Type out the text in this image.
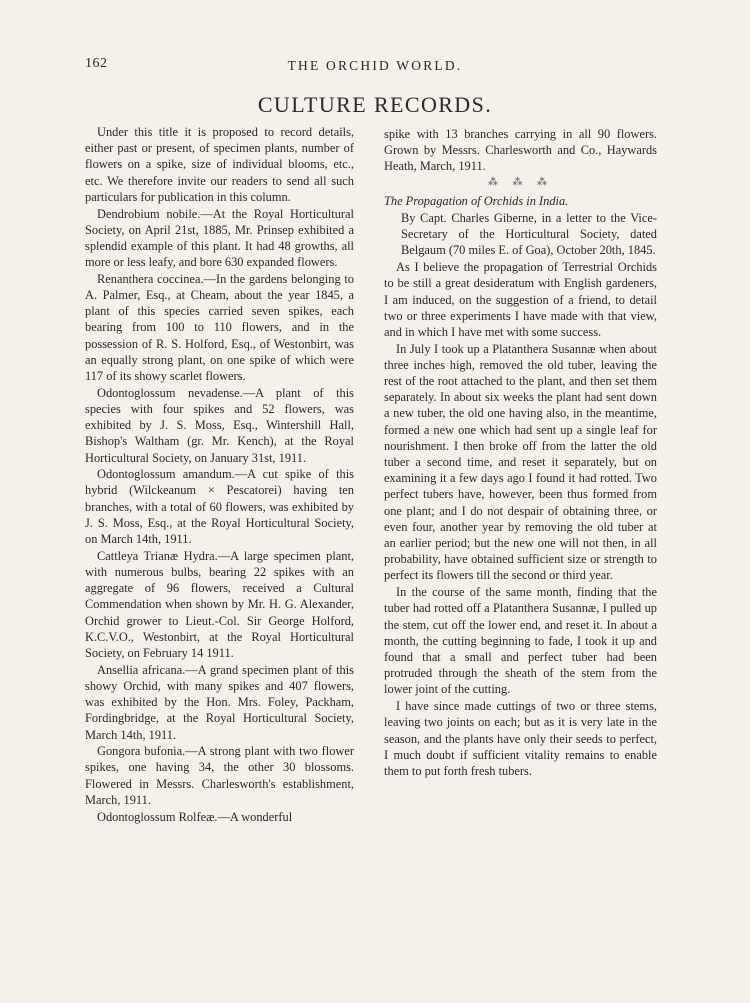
162	THE ORCHID WORLD.
CULTURE RECORDS.

Under this title it is proposed to record details, either past or present, of specimen plants, number of flowers on a spike, size of individual blooms, etc., etc. We therefore invite our readers to send all such particulars for publication in this column.

Dendrobium nobile.—At the Royal Horticultural Society, on April 21st, 1885, Mr. Prinsep exhibited a splendid example of this plant. It had 48 growths, all more or less leafy, and bore 630 expanded flowers.

Renanthera coccinea.—In the gardens belonging to A. Palmer, Esq., at Cheam, about the year 1845, a plant of this species carried seven spikes, each bearing from 100 to 110 flowers, and in the possession of R. S. Holford, Esq., of Westonbirt, was an equally strong plant, on one spike of which were 117 of its showy scarlet flowers.

Odontoglossum nevadense.—A plant of this species with four spikes and 52 flowers, was exhibited by J. S. Moss, Esq., Wintershill Hall, Bishop's Waltham (gr. Mr. Kench), at the Royal Horticultural Society, on January 31st, 1911.

Odontoglossum amandum.—A cut spike of this hybrid (Wilckeanum × Pescatorei) having ten branches, with a total of 60 flowers, was exhibited by J. S. Moss, Esq., at the Royal Horticultural Society, on March 14th, 1911.

Cattleya Trianæ Hydra.—A large specimen plant, with numerous bulbs, bearing 22 spikes with an aggregate of 96 flowers, received a Cultural Commendation when shown by Mr. H. G. Alexander, Orchid grower to Lieut.-Col. Sir George Holford, K.C.V.O., Westonbirt, at the Royal Horticultural Society, on February 14 1911.

Ansellia africana.—A grand specimen plant of this showy Orchid, with many spikes and 407 flowers, was exhibited by the Hon. Mrs. Foley, Packham, Fordingbridge, at the Royal Horticultural Society, March 14th, 1911.

Gongora bufonia.—A strong plant with two flower spikes, one having 34, the other 30 blossoms. Flowered in Messrs. Charlesworth's establishment, March, 1911.

Odontoglossum Rolfeæ.—A wonderful

spike with 13 branches carrying in all 90 flowers. Grown by Messrs. Charlesworth and Co., Haywards Heath, March, 1911.

⁂ ⁂ ⁂

The Propagation of Orchids in India.

By Capt. Charles Giberne, in a letter to the Vice-Secretary of the Horticultural Society, dated Belgaum (70 miles E. of Goa), October 20th, 1845.

As I believe the propagation of Terrestrial Orchids to be still a great desideratum with English gardeners, I am induced, on the suggestion of a friend, to detail two or three experiments I have made with that view, and in which I have met with some success.

In July I took up a Platanthera Susannæ when about three inches high, removed the old tuber, leaving the rest of the root attached to the plant, and then set them separately. In about six weeks the plant had sent down a new tuber, the old one having also, in the meantime, formed a new one which had sent up a single leaf for nourishment. I then broke off from the latter the old tuber a second time, and reset it separately, but on examining it a few days ago I found it had rotted. Two perfect tubers have, however, been thus formed from one plant; and I do not despair of obtaining three, or even four, another year by removing the old tuber at an earlier period; but the new one will not then, in all probability, have obtained sufficient size or strength to perfect its flowers till the second or third year.

In the course of the same month, finding that the tuber had rotted off a Platanthera Susannæ, I pulled up the stem, cut off the lower end, and reset it. In about a month, the cutting beginning to fade, I took it up and found that a small and perfect tuber had been protruded through the sheath of the stem from the lower joint of the cutting.

I have since made cuttings of two or three stems, leaving two joints on each; but as it is very late in the season, and the plants have only their seeds to perfect, I much doubt if sufficient vitality remains to enable them to put forth fresh tubers.
